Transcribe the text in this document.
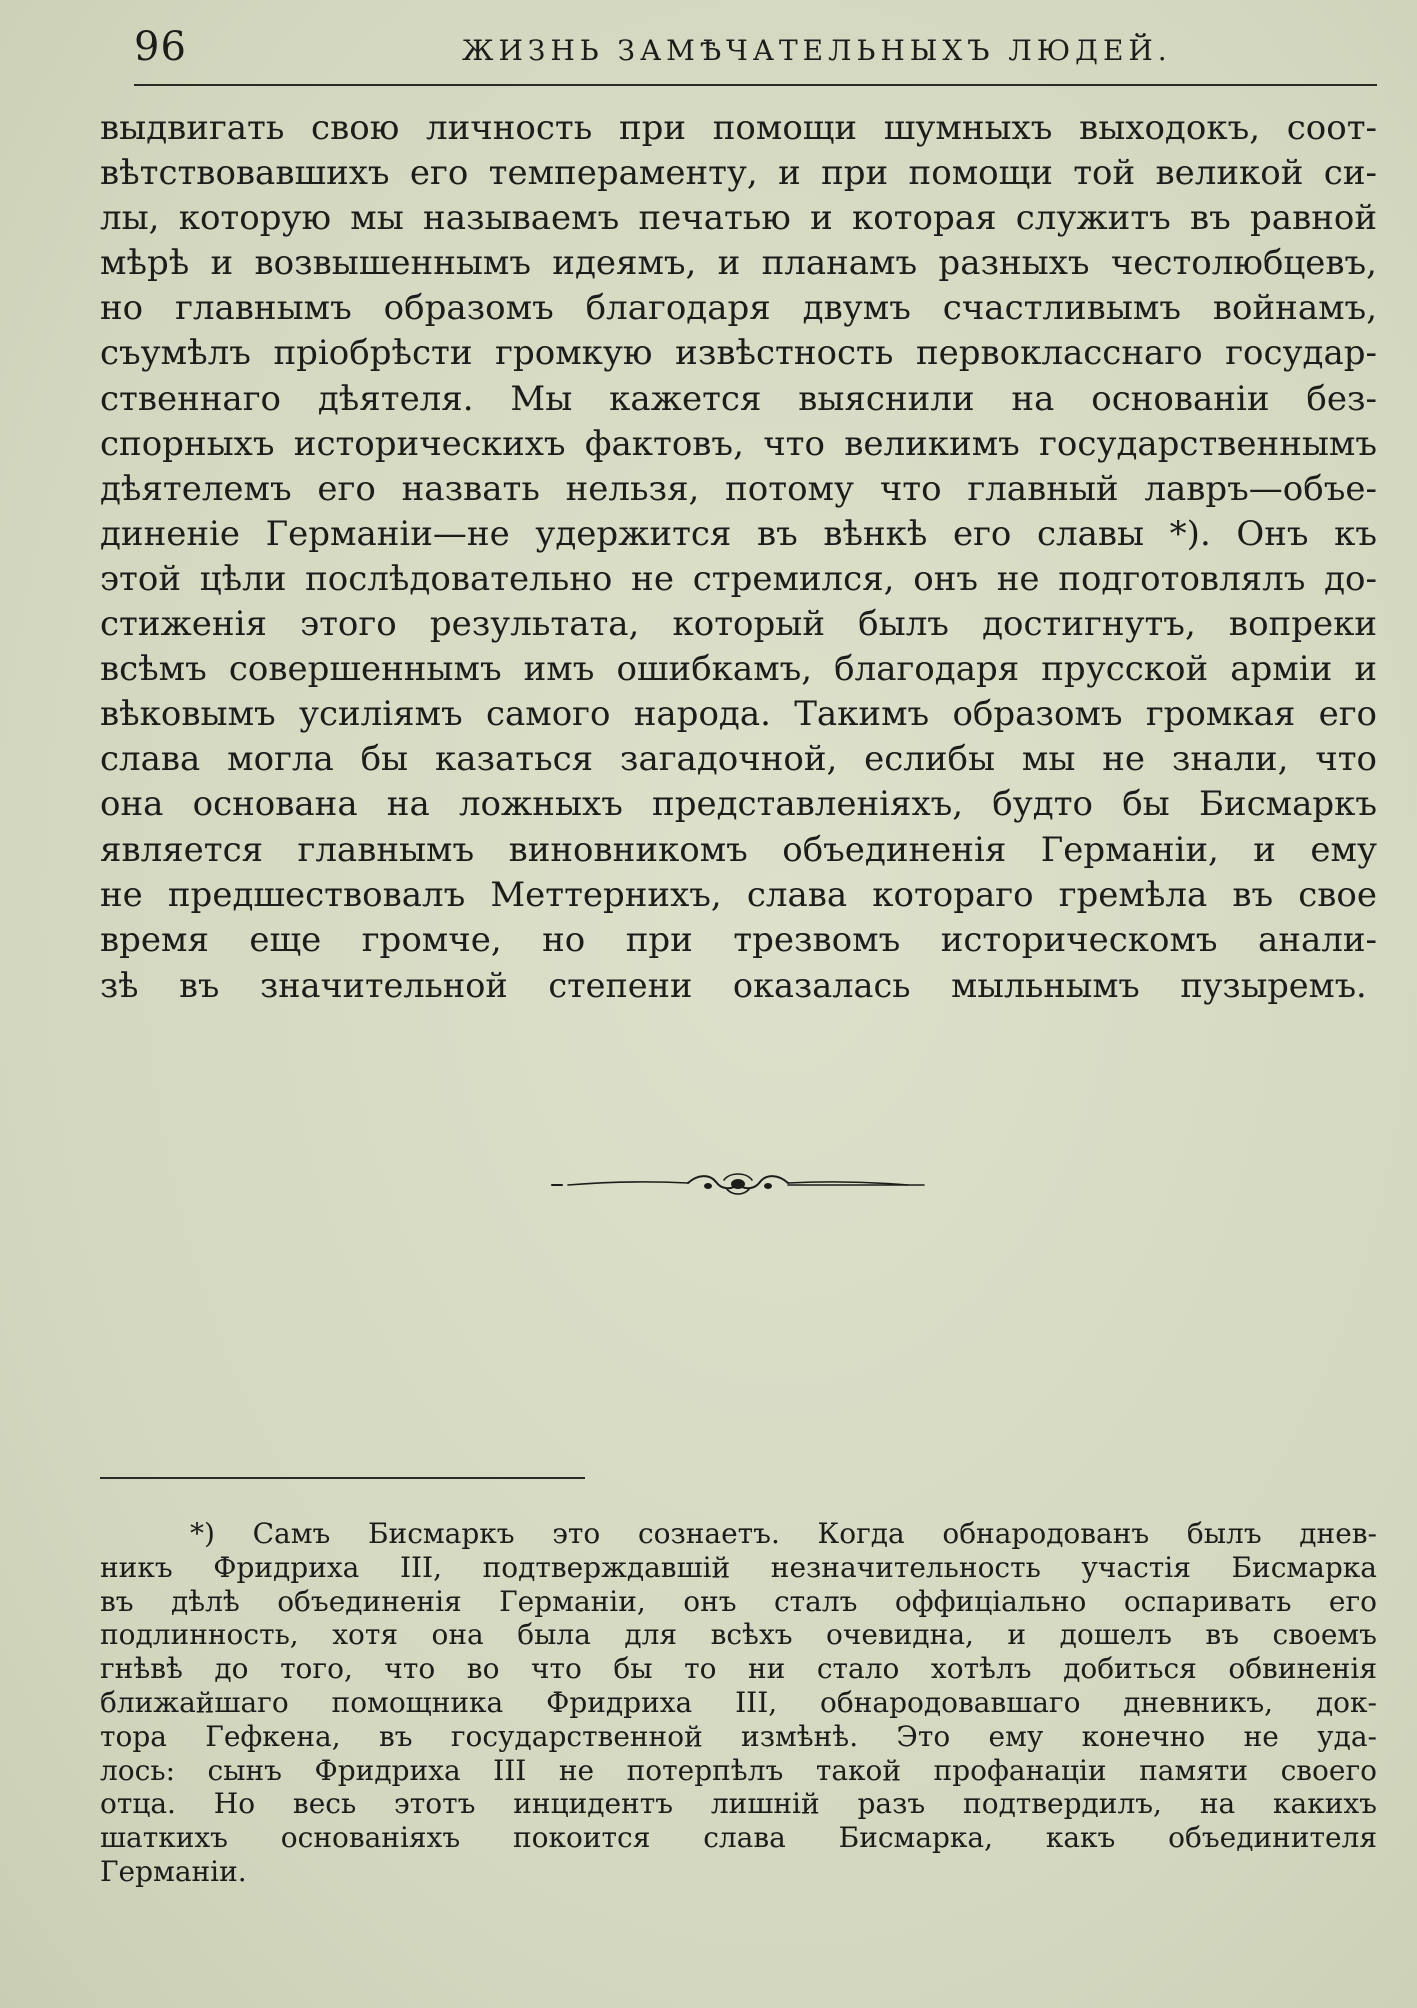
96	ЖИЗНЬ ЗАМѢЧАТЕЛЬНЫХЪ ЛЮДЕЙ.
выдвигать свою личность при помощи шумныхъ выходокъ, соот-
вѣтствовавшихъ его темпераменту, и при помощи той великой си-
лы, которую мы называемъ печатью и которая служитъ въ равной
мѣрѣ и возвышеннымъ идеямъ, и планамъ разныхъ честолюбцевъ,
но главнымъ образомъ благодаря двумъ счастливымъ войнамъ,
съумѣлъ пріобрѣсти громкую извѣстность первокласснаго государ-
ственнаго дѣятеля. Мы кажется выяснили на основаніи без-
спорныхъ историческихъ фактовъ, что великимъ государственнымъ
дѣятелемъ его назвать нельзя, потому что главный лавръ—объе-
диненіе Германіи—не удержится въ вѣнкѣ его славы *). Онъ къ
этой цѣли послѣдовательно не стремился, онъ не подготовлялъ до-
стиженія этого результата, который былъ достигнутъ, вопреки
всѣмъ совершеннымъ имъ ошибкамъ, благодаря прусской арміи и
вѣковымъ усиліямъ самого народа. Такимъ образомъ громкая его
слава могла бы казаться загадочной, еслибы мы не знали, что
она основана на ложныхъ представленіяхъ, будто бы Бисмаркъ
является главнымъ виновникомъ объединенія Германіи, и ему
не предшествовалъ Меттернихъ, слава котораго гремѣла въ свое
время еще громче, но при трезвомъ историческомъ анали-
зѣ въ значительной степени оказалась мыльнымъ пузыремъ.
*) Самъ Бисмаркъ это сознаетъ. Когда обнародованъ былъ днев-
никъ Фридриха III, подтверждавшій незначительность участія Бисмарка
въ дѣлѣ объединенія Германіи, онъ сталъ оффиціально оспаривать его
подлинность, хотя она была для всѣхъ очевидна, и дошелъ въ своемъ
гнѣвѣ до того, что во что бы то ни стало хотѣлъ добиться обвиненія
ближайшаго помощника Фридриха III, обнародовавшаго дневникъ, док-
тора Гефкена, въ государственной измѣнѣ. Это ему конечно не уда-
лось: сынъ Фридриха III не потерпѣлъ такой профанаціи памяти своего
отца. Но весь этотъ инцидентъ лишній разъ подтвердилъ, на какихъ
шаткихъ основаніяхъ покоится слава Бисмарка, какъ объединителя
Германіи.
